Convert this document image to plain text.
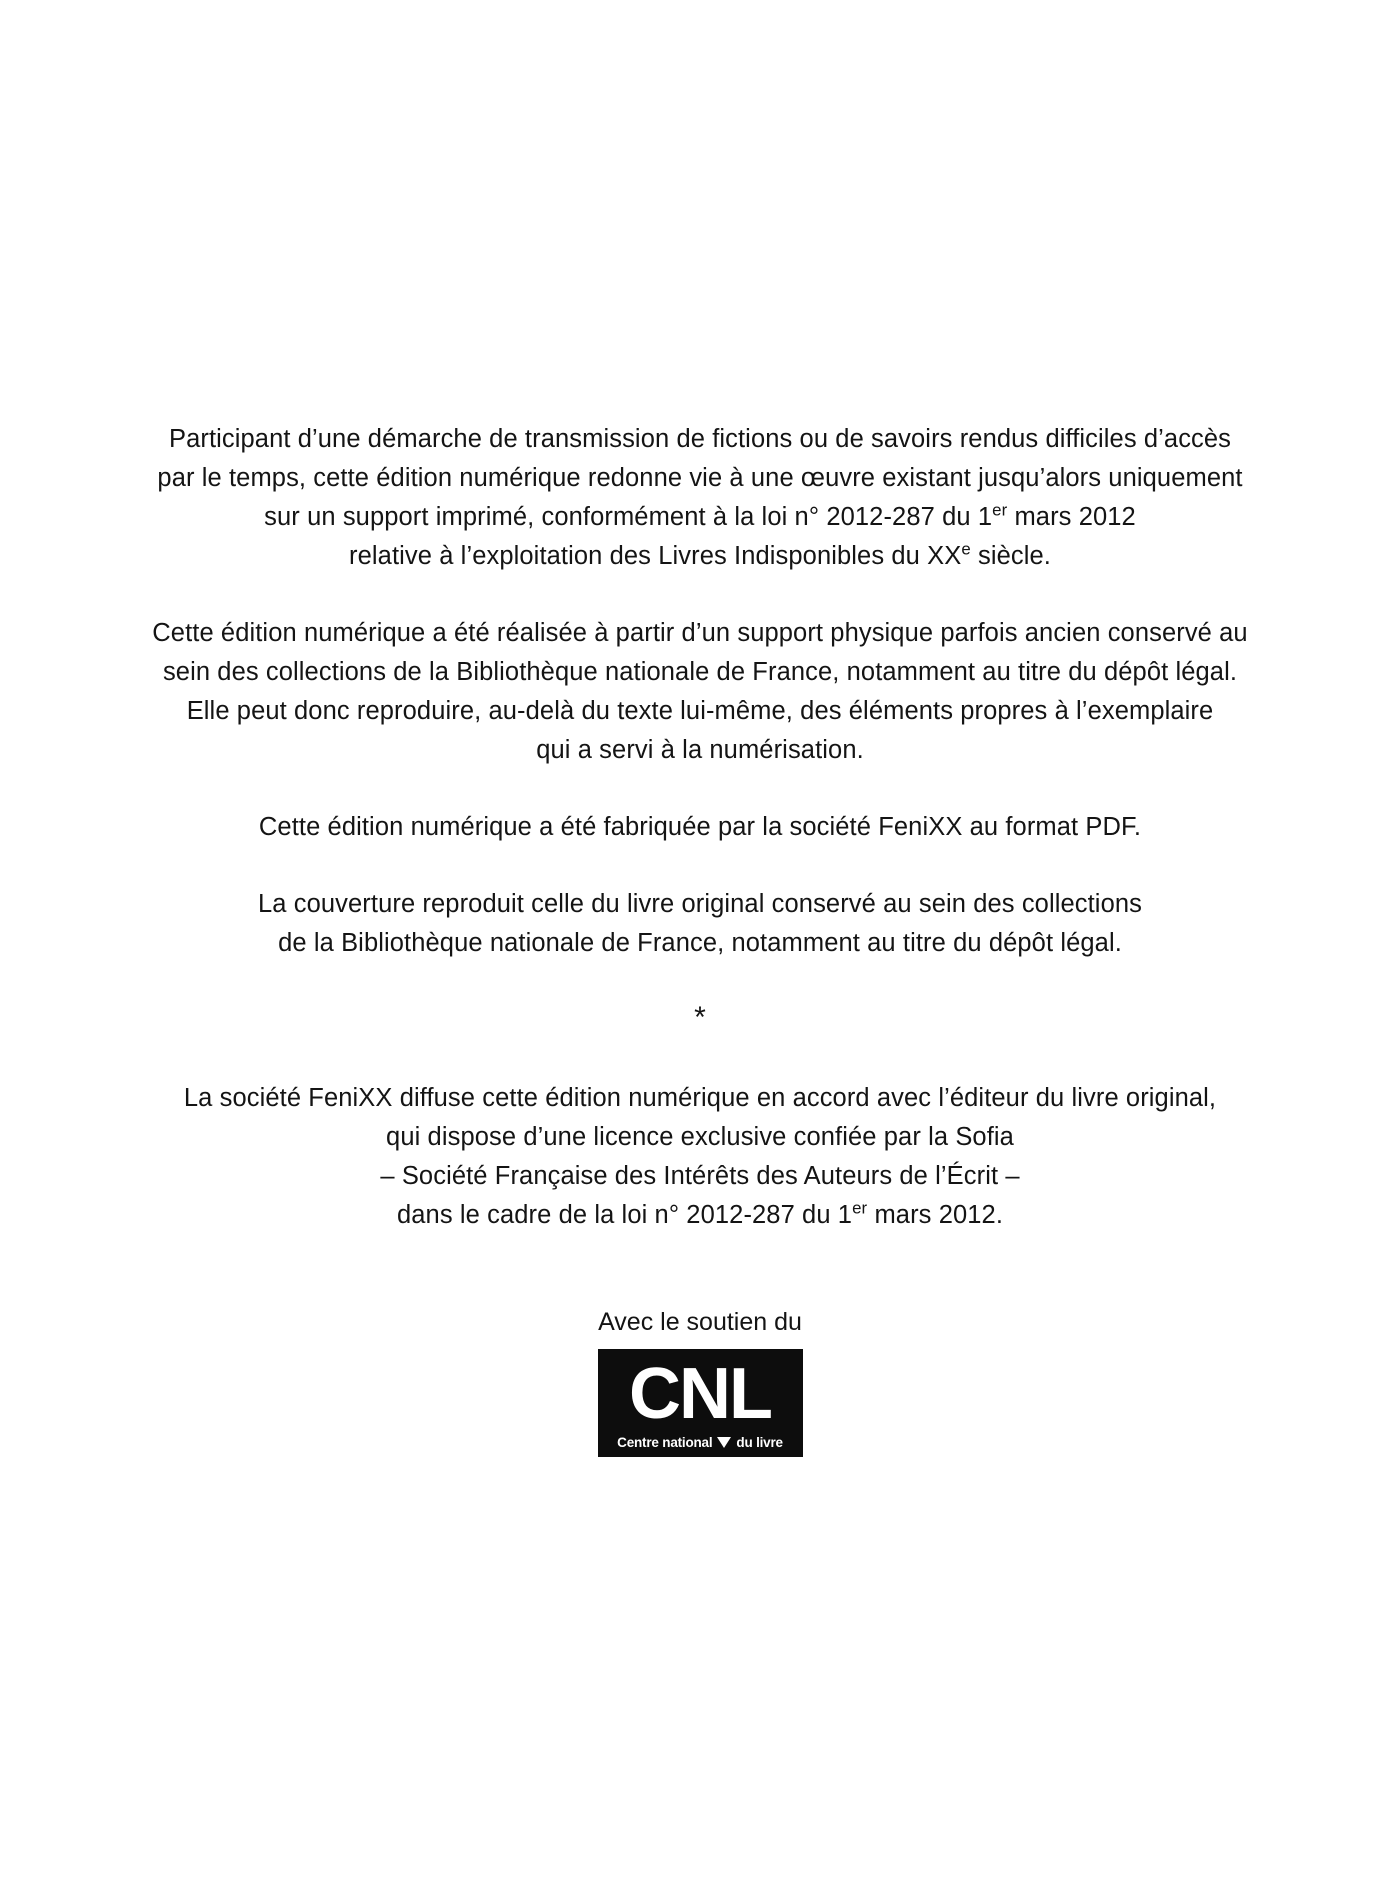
Participant d’une démarche de transmission de fictions ou de savoirs rendus difficiles d’accès
par le temps, cette édition numérique redonne vie à une œuvre existant jusqu’alors uniquement
sur un support imprimé, conformément à la loi n° 2012-287 du 1er mars 2012
relative à l’exploitation des Livres Indisponibles du XXe siècle.

Cette édition numérique a été réalisée à partir d’un support physique parfois ancien conservé au
sein des collections de la Bibliothèque nationale de France, notamment au titre du dépôt légal.
Elle peut donc reproduire, au-delà du texte lui-même, des éléments propres à l’exemplaire
qui a servi à la numérisation.

Cette édition numérique a été fabriquée par la société FeniXX au format PDF.

La couverture reproduit celle du livre original conservé au sein des collections
de la Bibliothèque nationale de France, notamment au titre du dépôt légal.

*

La société FeniXX diffuse cette édition numérique en accord avec l’éditeur du livre original,
qui dispose d’une licence exclusive confiée par la Sofia
– Société Française des Intérêts des Auteurs de l’Écrit –
dans le cadre de la loi n° 2012-287 du 1er mars 2012.

Avec le soutien du
CNL
Centre national du livre
